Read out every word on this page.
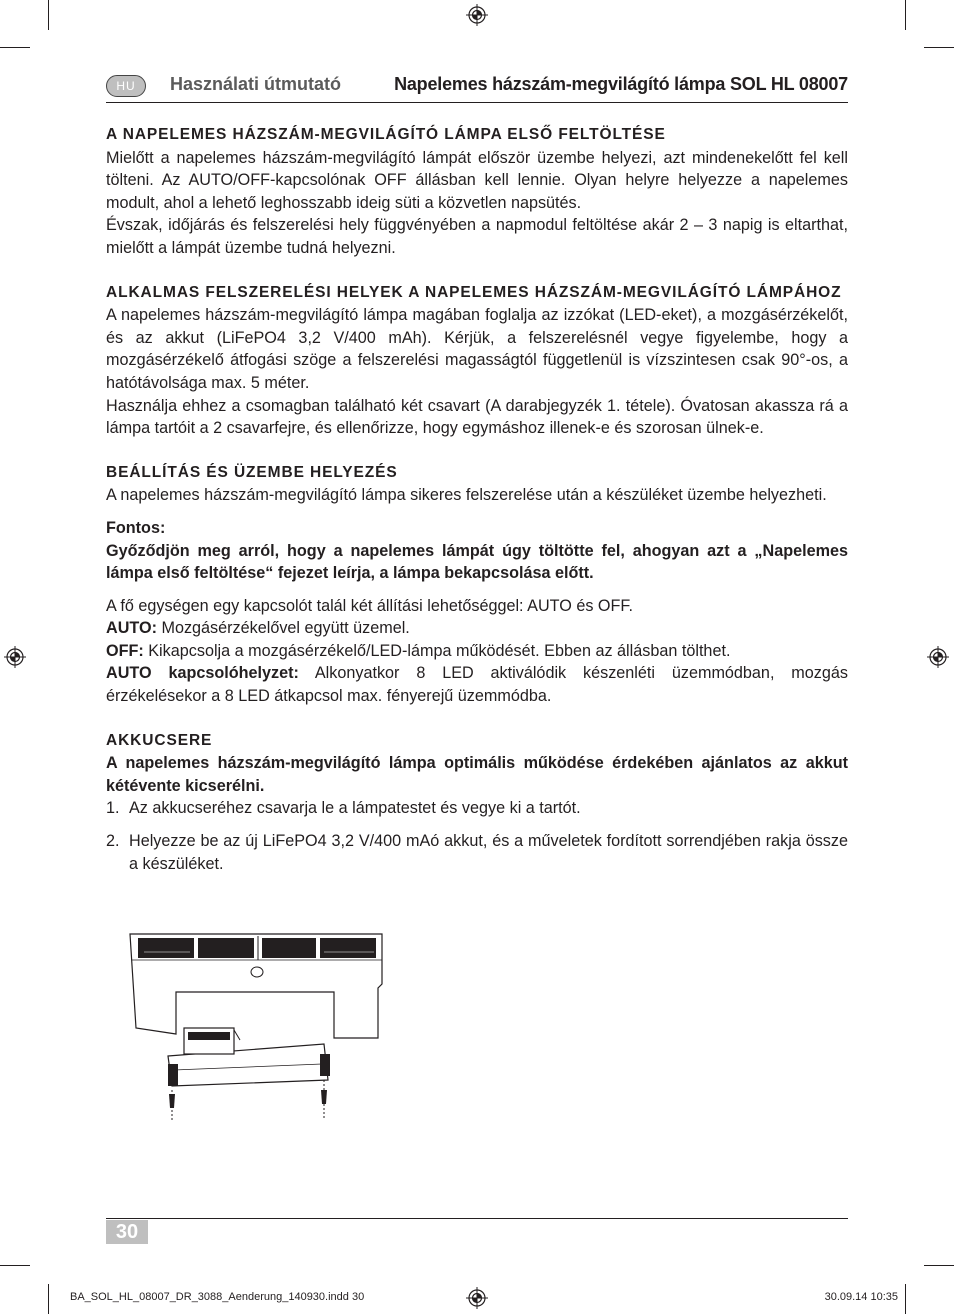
HU	Használati útmutató	Napelemes házszám-megvilágító lámpa SOL HL 08007

A NAPELEMES HÁZSZÁM-MEGVILÁGÍTÓ LÁMPA ELSŐ FELTÖLTÉSE

Mielőtt a napelemes házszám-megvilágító lámpát először üzembe helyezi, azt mindenekelőtt fel kell tölteni. Az AUTO/OFF-kapcsolónak OFF állásban kell lennie. Olyan helyre helyezze a napelemes modult, ahol a lehető leghosszabb ideig süti a közvetlen napsütés.

Évszak, időjárás és felszerelési hely függvényében a napmodul feltöltése akár 2 – 3 napig is eltarthat, mielőtt a lámpát üzembe tudná helyezni.

ALKALMAS FELSZERELÉSI HELYEK A NAPELEMES HÁZSZÁM-MEGVILÁGÍTÓ LÁMPÁHOZ

A napelemes házszám-megvilágító lámpa magában foglalja az izzókat (LED-eket), a mozgásérzékelőt, és az akkut (LiFePO4 3,2 V/400 mAh). Kérjük, a felszerelésnél vegye figyelembe, hogy a mozgásérzékelő átfogási szöge a felszerelési magasságtól függetlenül is vízszintesen csak 90°-os, a hatótávolsága max. 5 méter.

Használja ehhez a csomagban található két csavart (A darabjegyzék 1. tétele). Óvatosan akassza rá a lámpa tartóit a 2 csavarfejre, és ellenőrizze, hogy egymáshoz illenek-e és szorosan ülnek-e.

BEÁLLÍTÁS ÉS ÜZEMBE HELYEZÉS

A napelemes házszám-megvilágító lámpa sikeres felszerelése után a készüléket üzembe helyezheti.

Fontos:

Győződjön meg arról, hogy a napelemes lámpát úgy töltötte fel, ahogyan azt a „Napelemes lámpa első feltöltése“ fejezet leírja, a lámpa bekapcsolása előtt.

A fő egységen egy kapcsolót talál két állítási lehetőséggel: AUTO és OFF.

AUTO: Mozgásérzékelővel együtt üzemel.

OFF: Kikapcsolja a mozgásérzékelő/LED-lámpa működését. Ebben az állásban tölthet.

AUTO kapcsolóhelyzet: Alkonyatkor 8 LED aktiválódik készenléti üzemmódban, mozgás érzékelésekor a 8 LED átkapcsol max. fényerejű üzemmódba.

AKKUCSERE

A napelemes házszám-megvilágító lámpa optimális működése érdekében ajánlatos az akkut kétévente kicserélni.

1. Az akkucseréhez csavarja le a lámpatestet és vegye ki a tartót.

2. Helyezze be az új LiFePO4 3,2 V/400 mAó akkut, és a műveletek fordított sorrendjében rakja össze a készüléket.

30
BA_SOL_HL_08007_DR_3088_Aenderung_140930.indd 30	30.09.14 10:35
